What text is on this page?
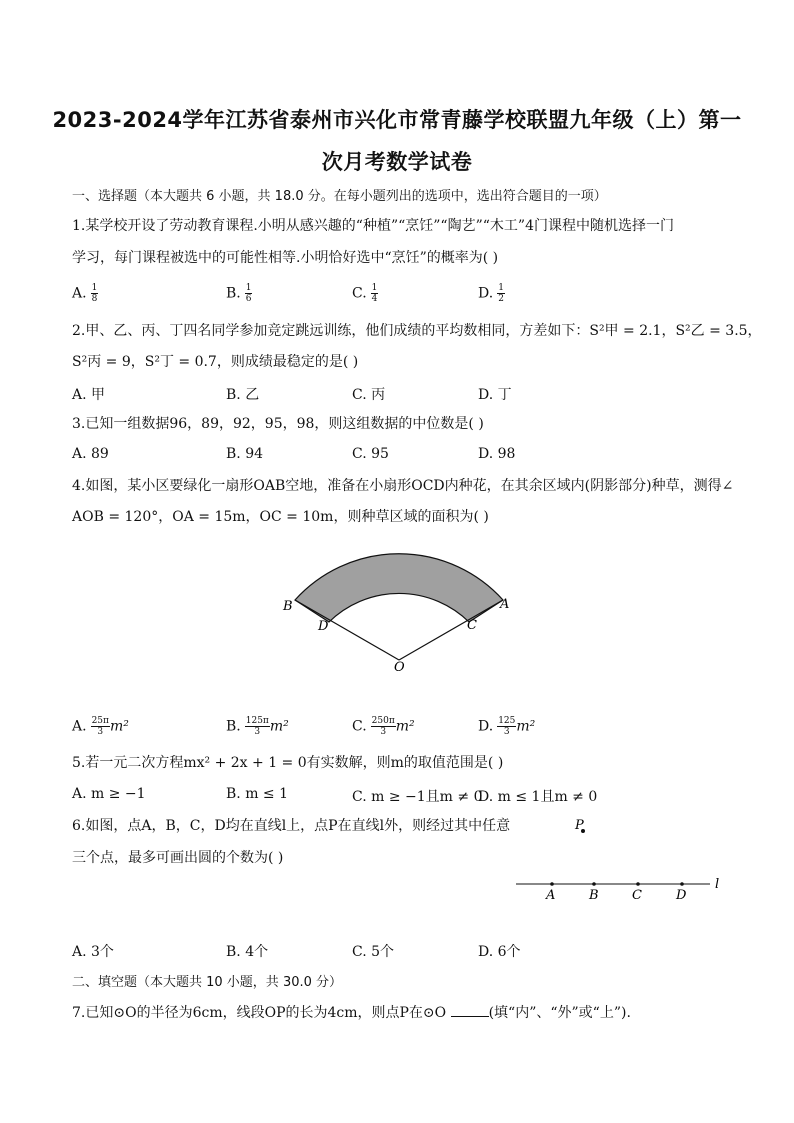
2023-2024学年江苏省泰州市兴化市常青藤学校联盟九年级（上）第一
次月考数学试卷
一、选择题（本大题共 6 小题，共 18.0 分。在每小题列出的选项中，选出符合题目的一项）
1.某学校开设了劳动教育课程.小明从感兴趣的“种植”“烹饪”“陶艺”“木工”4门课程中随机选择一门
学习，每门课程被选中的可能性相等.小明恰好选中“烹饪”的概率为( )
A. $\frac{1}{8}$	B. $\frac{1}{6}$	C. $\frac{1}{4}$	D. $\frac{1}{2}$
2.甲、乙、丙、丁四名同学参加竞定跳远训练，他们成绩的平均数相同，方差如下：S²甲 = 2.1，S²乙 = 3.5，
S²丙 = 9，S²丁 = 0.7，则成绩最稳定的是( )
A. 甲	B. 乙	C. 丙	D. 丁
3.已知一组数据96，89，92，95，98，则这组数据的中位数是( )
A. 89	B. 94	C. 95	D. 98
4.如图，某小区要绿化一扇形OAB空地，准备在小扇形OCD内种花，在其余区域内(阴影部分)种草，测得∠
AOB = 120°，OA = 15m，OC = 10m，则种草区域的面积为( )
B	A
D	C
O
A. $\frac{25\pi}{3} m^2$	B. $\frac{125\pi}{3} m^2$	C. $\frac{250\pi}{3} m^2$	D. $\frac{125}{3} m^2$
5.若一元二次方程mx² + 2x + 1 = 0有实数解，则m的取值范围是( )
A. m ≥ −1	B. m ≤ 1	C. m ≥ −1且m ≠ 0
D. m ≤ 1且m ≠ 0
6.如图，点A，B，C，D均在直线l上，点P在直线l外，则经过其中任意
三个点，最多可画出圆的个数为( )
P
A	B	C	D
l
A. 3个	B. 4个	C. 5个	D. 6个
二、填空题（本大题共 10 小题，共 30.0 分）
7.已知⊙O的半径为6cm，线段OP的长为4cm，则点P在⊙O	(填“内”、“外”或“上”).
